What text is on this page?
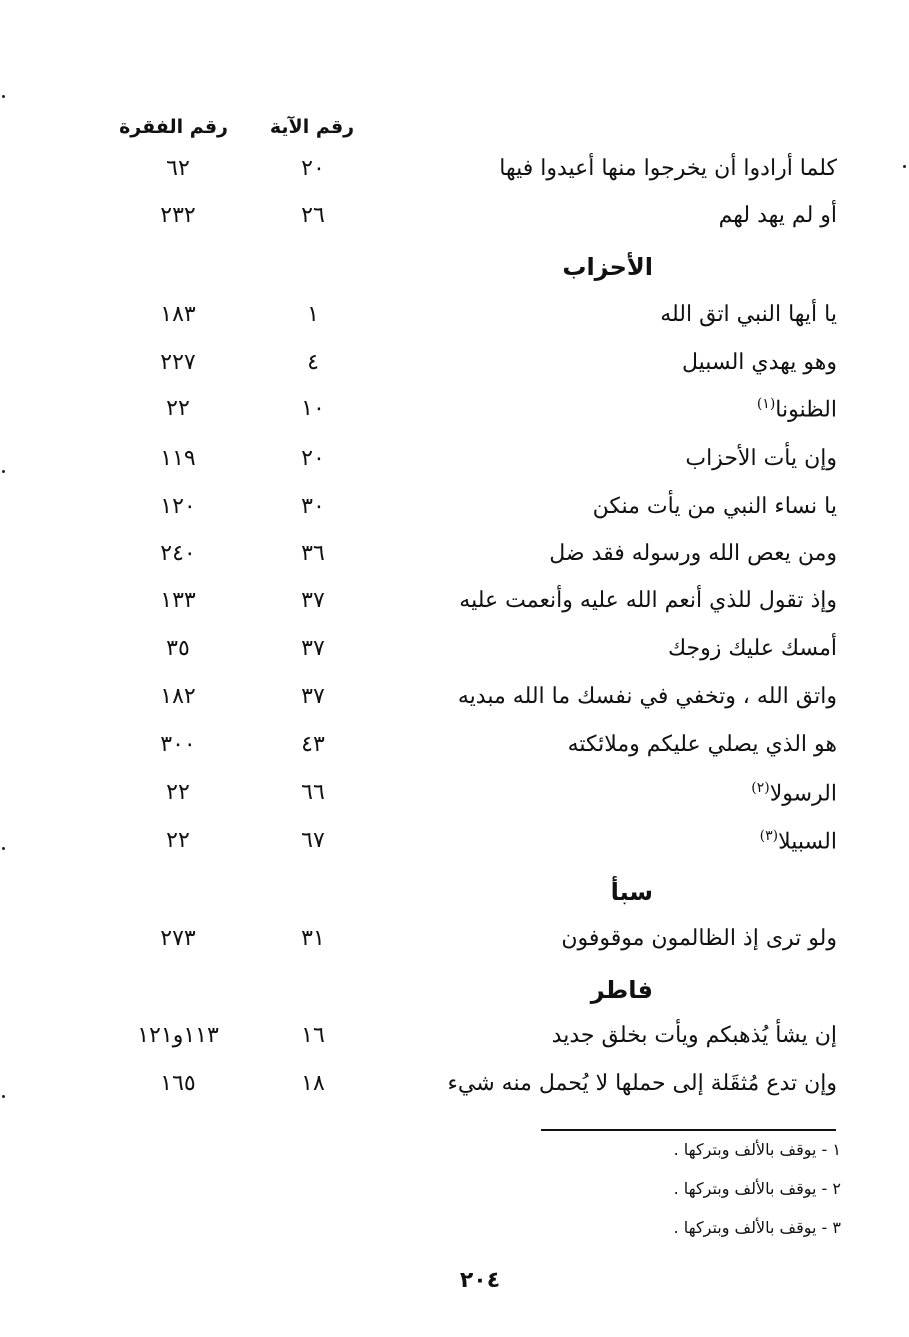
رقم الآية
رقم الفقرة
كلما أرادوا أن يخرجوا منها أعيدوا فيها
٢٠
٦٢
أو لم يهد لهم
٢٦
٢٣٢
الأحزاب
يا أيها النبي اتق الله
١
١٨٣
وهو يهدي السبيل
٤
٢٢٧
الظنونا$^{(١)}$
١٠
٢٢
وإن يأت الأحزاب
٢٠
١١٩
يا نساء النبي من يأت منكن
٣٠
١٢٠
ومن يعص الله ورسوله فقد ضل
٣٦
٢٤٠
وإذ تقول للذي أنعم الله عليه وأنعمت عليه
٣٧
١٣٣
أمسك عليك زوجك
٣٧
٣٥
واتق الله ، وتخفي في نفسك ما الله مبديه
٣٧
١٨٢
هو الذي يصلي عليكم وملائكته
٤٣
٣٠٠
الرسولا$^{(٢)}$
٦٦
٢٢
السبيلا$^{(٣)}$
٦٧
٢٢
سبأ
ولو ترى إذ الظالمون موقوفون
٣١
٢٧٣
فاطر
إن يشأ يُذهبكم ويأت بخلق جديد
١٦
١١٣و١٢١
وإن تدع مُثقَلة إلى حملها لا يُحمل منه شيء
١٨
١٦٥
١ - يوقف بالألف وبتركها .
٢ - يوقف بالألف وبتركها .
٣ - يوقف بالألف وبتركها .
٢٠٤
